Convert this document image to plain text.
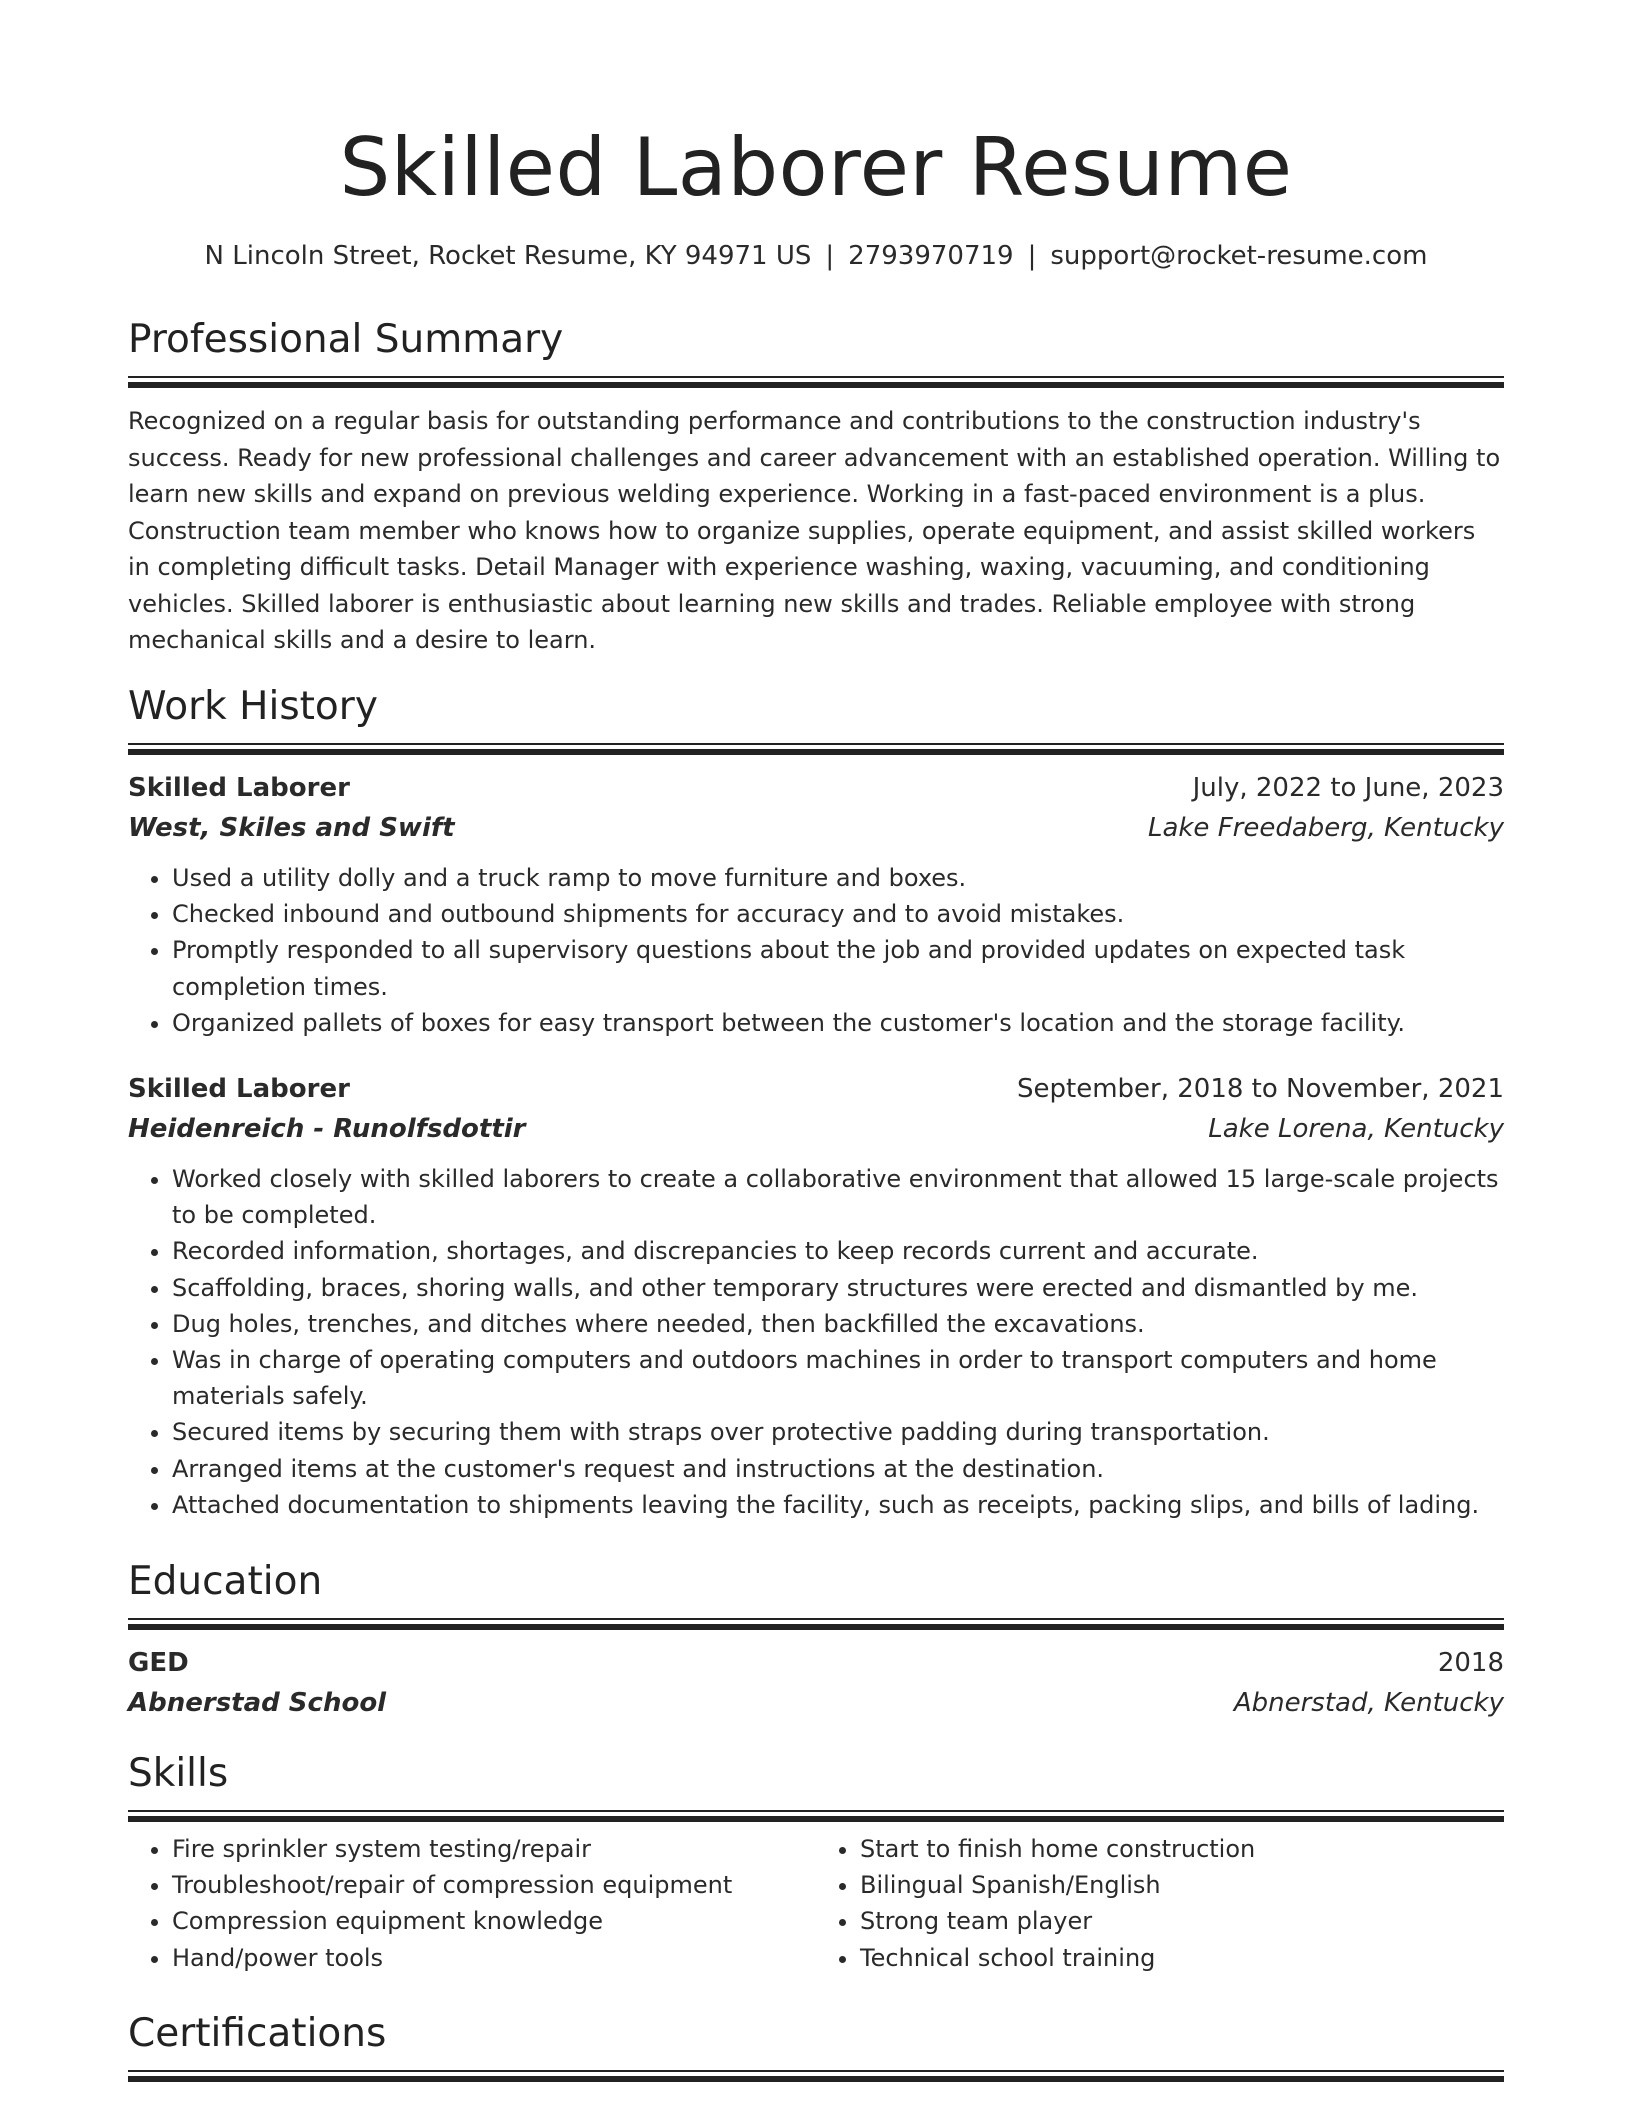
Skilled Laborer Resume
N Lincoln Street, Rocket Resume, KY 94971 US | 2793970719 | support@rocket-resume.com
Professional Summary
Recognized on a regular basis for outstanding performance and contributions to the construction industry's success. Ready for new professional challenges and career advancement with an established operation. Willing to learn new skills and expand on previous welding experience. Working in a fast-paced environment is a plus. Construction team member who knows how to organize supplies, operate equipment, and assist skilled workers in completing difficult tasks. Detail Manager with experience washing, waxing, vacuuming, and conditioning vehicles. Skilled laborer is enthusiastic about learning new skills and trades. Reliable employee with strong mechanical skills and a desire to learn.
Work History
Skilled Laborer	July, 2022 to June, 2023
West, Skiles and Swift	Lake Freedaberg, Kentucky
• Used a utility dolly and a truck ramp to move furniture and boxes.
• Checked inbound and outbound shipments for accuracy and to avoid mistakes.
• Promptly responded to all supervisory questions about the job and provided updates on expected task completion times.
• Organized pallets of boxes for easy transport between the customer's location and the storage facility.
Skilled Laborer	September, 2018 to November, 2021
Heidenreich - Runolfsdottir	Lake Lorena, Kentucky
• Worked closely with skilled laborers to create a collaborative environment that allowed 15 large-scale projects to be completed.
• Recorded information, shortages, and discrepancies to keep records current and accurate.
• Scaffolding, braces, shoring walls, and other temporary structures were erected and dismantled by me.
• Dug holes, trenches, and ditches where needed, then backfilled the excavations.
• Was in charge of operating computers and outdoors machines in order to transport computers and home materials safely.
• Secured items by securing them with straps over protective padding during transportation.
• Arranged items at the customer's request and instructions at the destination.
• Attached documentation to shipments leaving the facility, such as receipts, packing slips, and bills of lading.
Education
GED	2018
Abnerstad School	Abnerstad, Kentucky
Skills
• Fire sprinkler system testing/repair
• Troubleshoot/repair of compression equipment
• Compression equipment knowledge
• Hand/power tools
• Start to finish home construction
• Bilingual Spanish/English
• Strong team player
• Technical school training
Certifications
